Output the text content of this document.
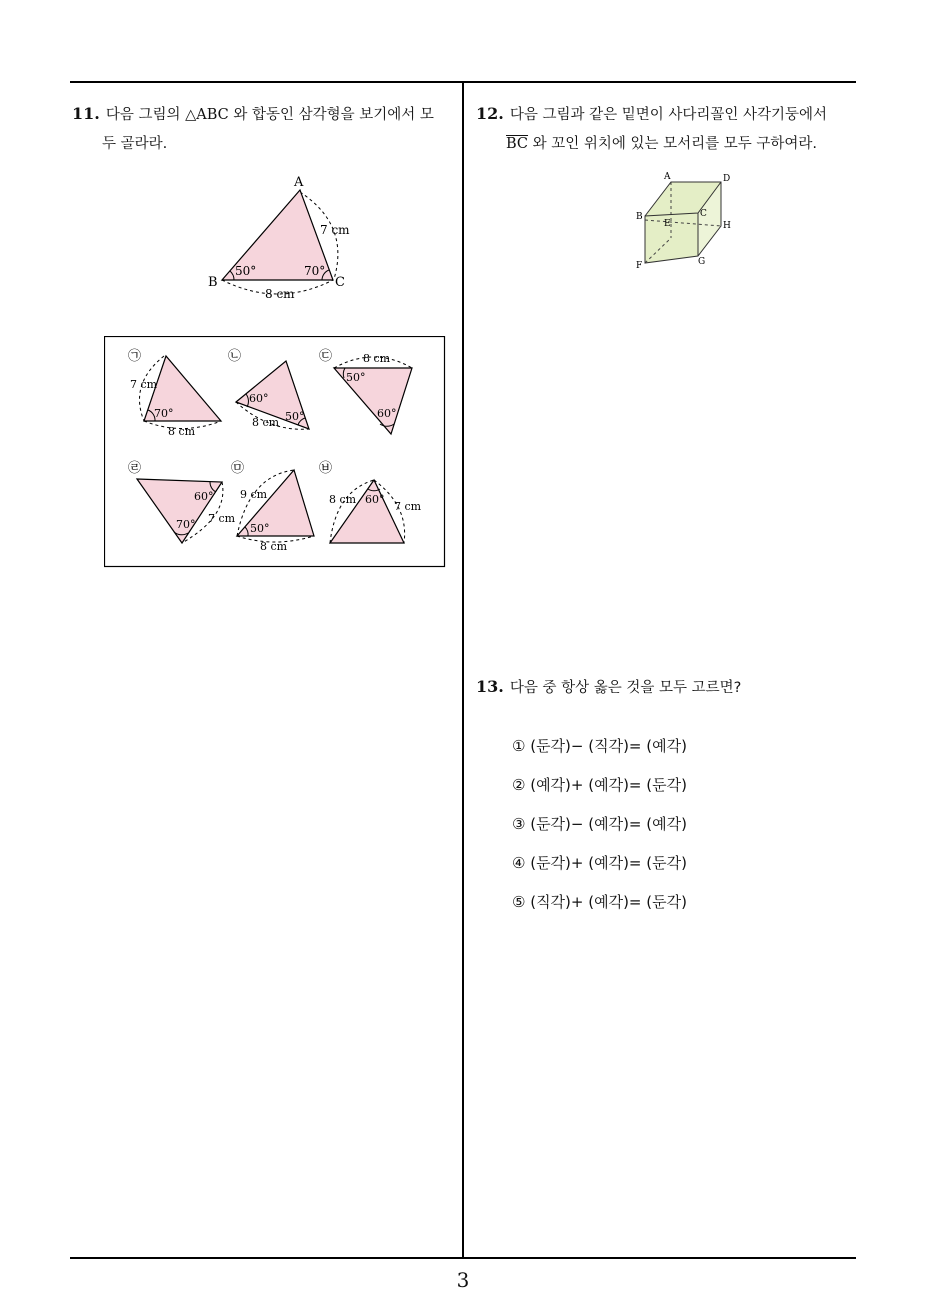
11. 다음 그림의 △ABC 와 합동인 삼각형을 보기에서 모
두 골라라.
A
B	C
7 cm
8 cm
50°	70°
㉠
7 cm
70°
8 cm
㉡
60°
50°
8 cm
㉢	8 cm
50°
60°
㉣
60°
7 cm
70°
㉤
9 cm
50°
8 cm
㉥
8 cm 60°
7 cm
12. 다음 그림과 같은 밑면이 사다리꼴인 사각기둥에서
$\overline{BC}$ 와 꼬인 위치에 있는 모서리를 모두 구하여라.
A	D
B	C
E	H
F	G
13. 다음 중 항상 옳은 것을 모두 고르면?
① (둔각)− (직각)= (예각)
② (예각)+ (예각)= (둔각)
③ (둔각)− (예각)= (예각)
④ (둔각)+ (예각)= (둔각)
⑤ (직각)+ (예각)= (둔각)
3
